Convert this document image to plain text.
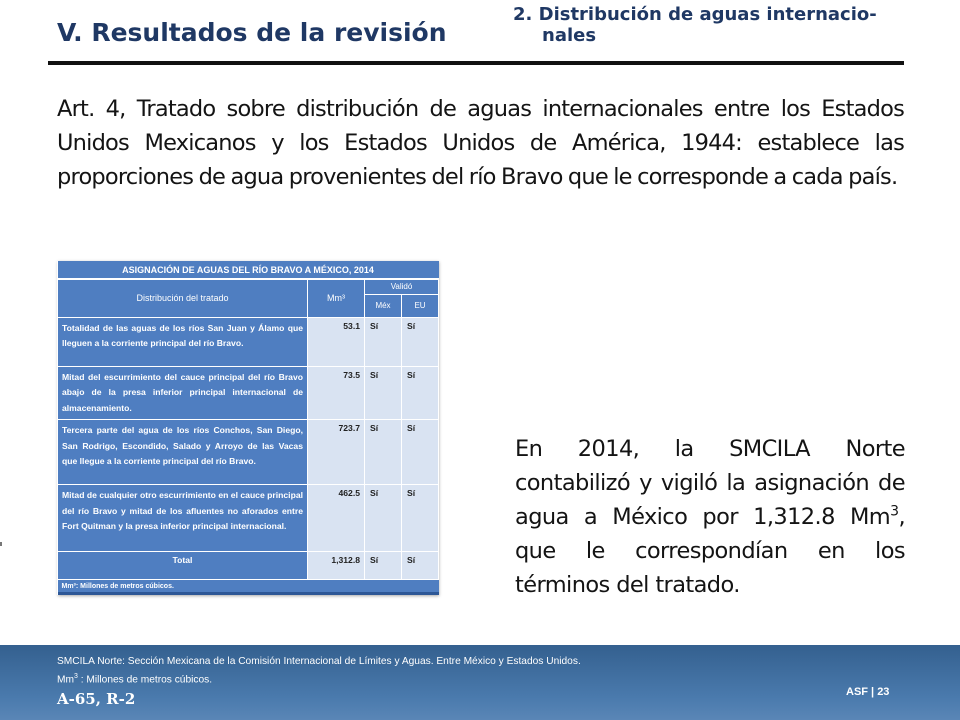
V. Resultados de la revisión
2. Distribución de aguas internacio-
nales

Art. 4, Tratado sobre distribución de aguas internacionales entre los Estados Unidos Mexicanos y los Estados Unidos de América, 1944: establece las proporciones de agua provenientes del río Bravo que le corresponde a cada país.

ASIGNACIÓN DE AGUAS DEL RÍO BRAVO A MÉXICO, 2014			
Distribución del tratado	Mm³	Validó	
		Méx	EU
Totalidad de las aguas de los ríos San Juan y Álamo que lleguen a la corriente principal del río Bravo.	53.1	Sí	Sí
Mitad del escurrimiento del cauce principal del río Bravo abajo de la presa inferior principal internacional de almacenamiento.	73.5	Sí	Sí
Tercera parte del agua de los ríos Conchos, San Diego, San Rodrigo, Escondido, Salado y Arroyo de las Vacas que llegue a la corriente principal del río Bravo.	723.7	Sí	Sí
Mitad de cualquier otro escurrimiento en el cauce principal del río Bravo y mitad de los afluentes no aforados entre Fort Quitman y la presa inferior principal internacional.	462.5	Sí	Sí
Total	1,312.8	Sí	Sí
Mm³: Millones de metros cúbicos.			

En 2014, la SMCILA Norte contabilizó y vigiló la asignación de agua a México por 1,312.8 Mm$^3$, que le correspondían en los términos del tratado.

SMCILA Norte: Sección Mexicana de la Comisión Internacional de Límites y Aguas. Entre México y Estados Unidos.
Mm$^3$ : Millones de metros cúbicos.
A-65, R-2	ASF | 23
